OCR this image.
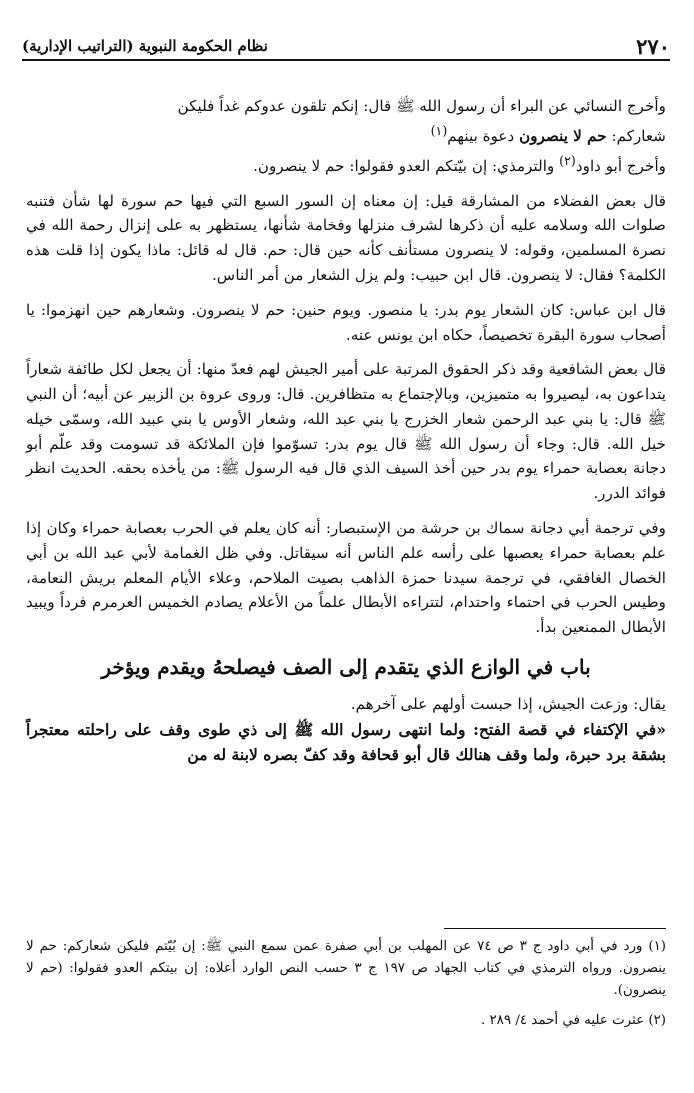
٢٧٠
نظام الحكومة النبوية (التراتيب الإدارية)

وأخرج النسائي عن البراء أن رسول الله ﷺ قال: إنكم تلقون عدوكم غداً فليكن
شعاركم: حم لا ينصرون دعوة بينهم$^{(١)}$

وأخرج أبو داود$^{(٢)}$ والترمذي: إن بيّتكم العدو فقولوا: حم لا ينصرون.

قال بعض الفضلاء من المشارقة قيل: إن معناه إن السور السبع التي فيها حم سورة لها شأن فتنبه صلوات الله وسلامه عليه أن ذكرها لشرف منزلها وفخامة شأنها، يستظهر به على إنزال رحمة الله في نصرة المسلمين، وقوله: لا ينصرون مستأنف كأنه حين قال: حم. قال له قائل: ماذا يكون إذا قلت هذه الكلمة؟ فقال: لا ينصرون. قال ابن حبيب: ولم يزل الشعار من أمر الناس.

قال ابن عباس: كان الشعار يوم بدر: يا منصور. ويوم حنين: حم لا ينصرون. وشعارهم حين انهزموا: يا أصحاب سورة البقرة تخصيصاً، حكاه ابن يونس عنه.

قال بعض الشافعية وقد ذكر الحقوق المرتبة على أمير الجيش لهم فعدّ منها: أن يجعل لكل طائفة شعاراً يتداعون به، ليصيروا به متميزين، وبالإجتماع به متظافرين. قال: وروى عروة بن الزبير عن أبيه؛ أن النبي ﷺ قال: يا بني عبد الرحمن شعار الخزرج يا بني عبد الله، وشعار الأوس يا بني عبيد الله، وسمّى خيله خيل الله. قال: وجاء أن رسول الله ﷺ قال يوم بدر: تسوّموا فإن الملائكة قد تسومت وقد علّم أبو دجانة بعصابة حمراء يوم بدر حين أخذ السيف الذي قال فيه الرسول ﷺ: من يأخذه بحقه. الحديث انظر فوائد الدرر.

وفي ترجمة أبي دجانة سماك بن حرشة من الإستبصار: أنه كان يعلم في الحرب بعصابة حمراء وكان إذا علم بعصابة حمراء يعصبها على رأسه علم الناس أنه سيقاتل. وفي ظل الغمامة لأبي عبد الله بن أبي الخصال الغافقي، في ترجمة سيدنا حمزة الذاهب بصيت الملاحم، وعلاء الأيام المعلم بريش النعامة، وطيس الحرب في احتماء واحتدام، لتتراءه الأبطال علماً من الأعلام يصادم الخميس العرمرم فرداً ويبيد الأبطال الممنعين بدأ.

باب في الوازع الذي يتقدم إلى الصف فيصلحهُ ويقدم ويؤخر

يقال: وزعت الجيش، إذا حبست أولهم على آخرهم.

«في الإكتفاء في قصة الفتح: ولما انتهى رسول الله ﷺ إلى ذي طوى وقف على راحلته معتجراً بشقة برد حبرة، ولما وقف هنالك قال أبو قحافة وقد كفّ بصره لابنة له من

(١) ورد في أبي داود ج ٣ ص ٧٤ عن المهلب بن أبي صفرة عمن سمع النبي ﷺ: إن بُيّتم فليكن شعاركم: حم لا ينصرون. ورواه الترمذي في كتاب الجهاد ص ١٩٧ ج ٣ حسب النص الوارد أعلاه: إن بيتكم العدو فقولوا: (حم لا ينصرون).

(٢) عثرت عليه في أحمد ٤/ ٢٨٩ .
